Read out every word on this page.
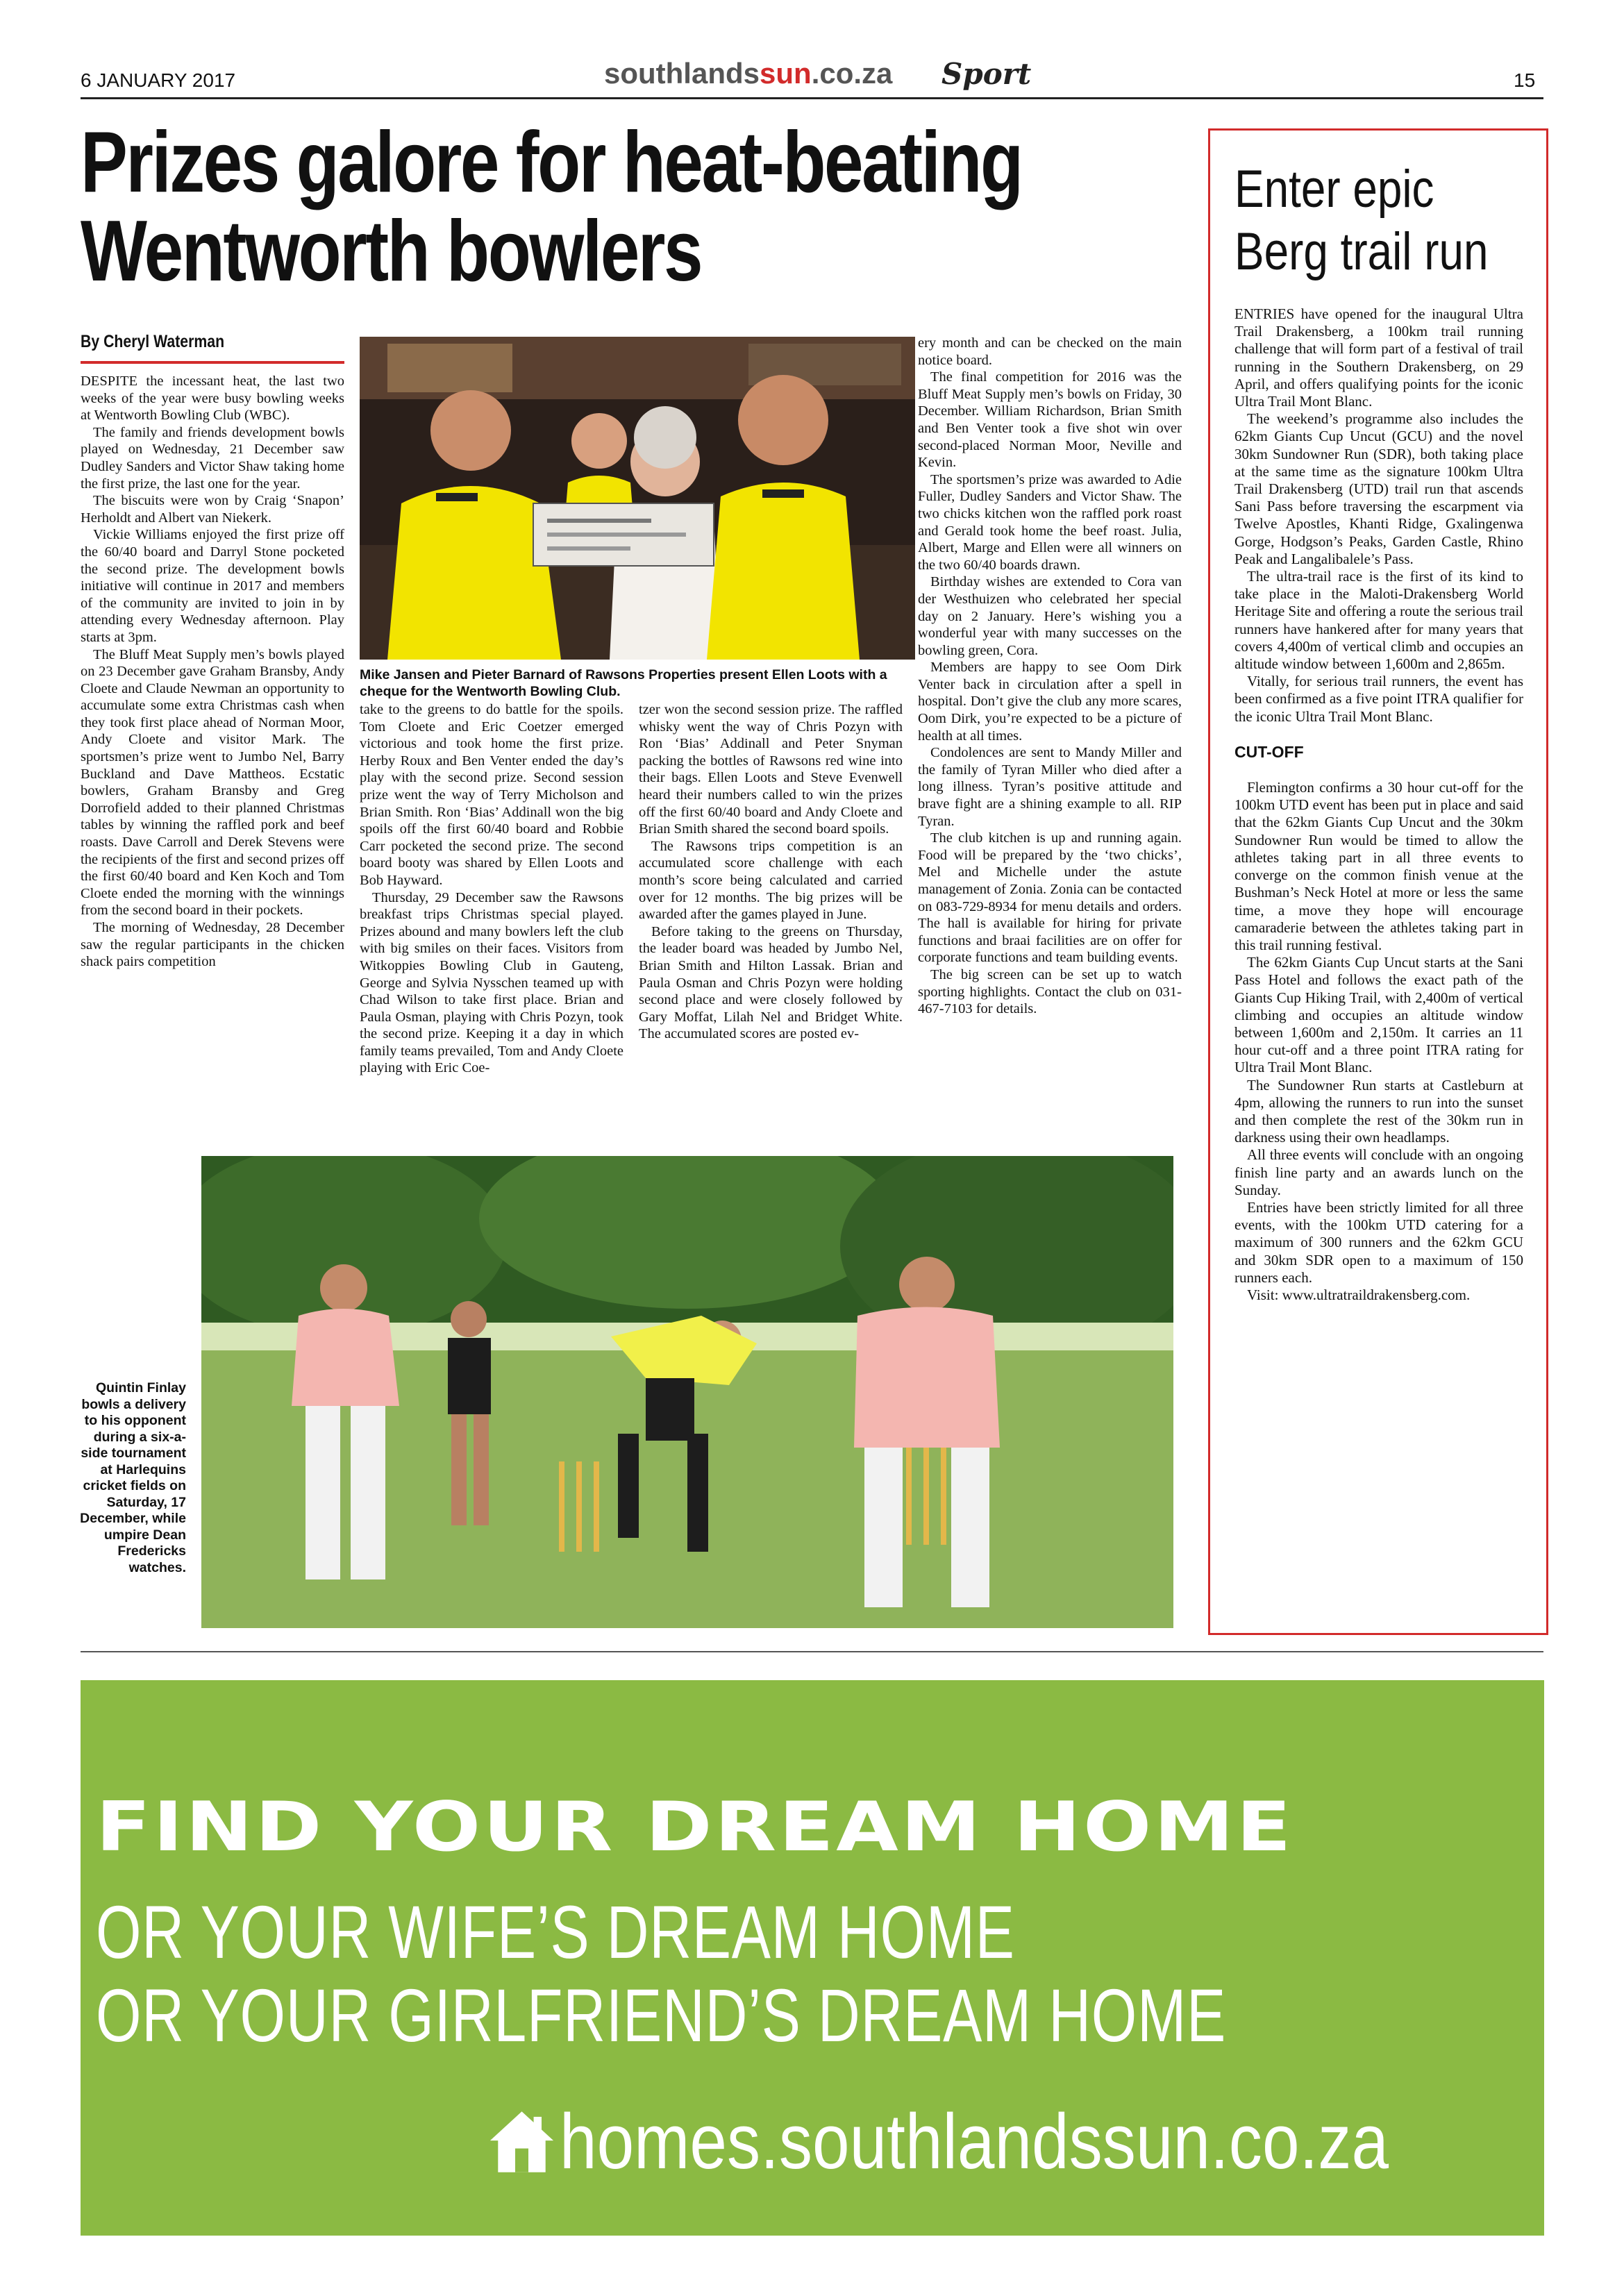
6 JANUARY 2017	southlandssun.co.za Sport	15
Prizes galore for heat-beating
Wentworth bowlers
By Cheryl Waterman

DESPITE the incessant heat, the last two weeks of the year were busy bowling weeks at Wentworth Bowling Club (WBC).

The family and friends development bowls played on Wednesday, 21 December saw Dudley Sanders and Victor Shaw taking home the first prize, the last one for the year.

The biscuits were won by Craig ‘Snapon’ Herholdt and Albert van Niekerk.

Vickie Williams enjoyed the first prize off the 60/40 board and Darryl Stone pocketed the second prize. The development bowls initiative will continue in 2017 and members of the community are invited to join in by attending every Wednesday afternoon. Play starts at 3pm.

The Bluff Meat Supply men’s bowls played on 23 December gave Graham Bransby, Andy Cloete and Claude Newman an opportunity to accumulate some extra Christmas cash when they took first place ahead of Norman Moor, Andy Cloete and visitor Mark. The sportsmen’s prize went to Jumbo Nel, Barry Buckland and Dave Mattheos. Ecstatic bowlers, Graham Bransby and Greg Dorrofield added to their planned Christmas tables by winning the raffled pork and beef roasts. Dave Carroll and Derek Stevens were the recipients of the first and second prizes off the first 60/40 board and Ken Koch and Tom Cloete ended the morning with the winnings from the second board in their pockets.

The morning of Wednesday, 28 December saw the regular participants in the chicken shack pairs competition

Mike Jansen and Pieter Barnard of Rawsons Properties present Ellen Loots with a cheque for the Wentworth Bowling Club.

take to the greens to do battle for the spoils. Tom Cloete and Eric Coetzer emerged victorious and took home the first prize. Herby Roux and Ben Venter ended the day’s play with the second prize. Second session prize went the way of Terry Micholson and Brian Smith. Ron ‘Bias’ Addinall won the big spoils off the first 60/40 board and Robbie Carr pocketed the second prize. The second board booty was shared by Ellen Loots and Bob Hayward.

Thursday, 29 December saw the Rawsons breakfast trips Christmas special played. Prizes abound and many bowlers left the club with big smiles on their faces. Visitors from Witkoppies Bowling Club in Gauteng, George and Sylvia Nysschen teamed up with Chad Wilson to take first place. Brian and Paula Osman, playing with Chris Pozyn, took the second prize. Keeping it a day in which family teams prevailed, Tom and Andy Cloete playing with Eric Coe-

tzer won the second session prize. The raffled whisky went the way of Chris Pozyn with Ron ‘Bias’ Addinall and Peter Snyman packing the bottles of Rawsons red wine into their bags. Ellen Loots and Steve Evenwell heard their numbers called to win the prizes off the first 60/40 board and Andy Cloete and Brian Smith shared the second board spoils.

The Rawsons trips competition is an accumulated score challenge with each month’s score being calculated and carried over for 12 months. The big prizes will be awarded after the games played in June.

Before taking to the greens on Thursday, the leader board was headed by Jumbo Nel, Brian Smith and Hilton Lassak. Brian and Paula Osman and Chris Pozyn were holding second place and were closely followed by Gary Moffat, Lilah Nel and Bridget White. The accumulated scores are posted ev-

ery month and can be checked on the main notice board.

The final competition for 2016 was the Bluff Meat Supply men’s bowls on Friday, 30 December. William Richardson, Brian Smith and Ben Venter took a five shot win over second-placed Norman Moor, Neville and Kevin.

The sportsmen’s prize was awarded to Adie Fuller, Dudley Sanders and Victor Shaw. The two chicks kitchen won the raffled pork roast and Gerald took home the beef roast. Julia, Albert, Marge and Ellen were all winners on the two 60/40 boards drawn.

Birthday wishes are extended to Cora van der Westhuizen who celebrated her special day on 2 January. Here’s wishing you a wonderful year with many successes on the bowling green, Cora.

Members are happy to see Oom Dirk Venter back in circulation after a spell in hospital. Don’t give the club any more scares, Oom Dirk, you’re expected to be a picture of health at all times.

Condolences are sent to Mandy Miller and the family of Tyran Miller who died after a long illness. Tyran’s positive attitude and brave fight are a shining example to all. RIP Tyran.

The club kitchen is up and running again. Food will be prepared by the ‘two chicks’, Mel and Michelle under the astute management of Zonia. Zonia can be contacted on 083-729-8934 for menu details and orders. The hall is available for hiring for private functions and braai facilities are on offer for corporate functions and team building events.

The big screen can be set up to watch sporting highlights. Contact the club on 031-467-7103 for details.

Quintin Finlay bowls a delivery to his opponent during a six-a-side tournament at Harlequins cricket fields on Saturday, 17 December, while umpire Dean Fredericks watches.
Enter epic
Berg trail run

ENTRIES have opened for the inaugural Ultra Trail Drakensberg, a 100km trail running challenge that will form part of a festival of trail running in the Southern Drakensberg, on 29 April, and offers qualifying points for the iconic Ultra Trail Mont Blanc.

The weekend’s programme also includes the 62km Giants Cup Uncut (GCU) and the novel 30km Sundowner Run (SDR), both taking place at the same time as the signature 100km Ultra Trail Drakensberg (UTD) trail run that ascends Sani Pass before traversing the escarpment via Twelve Apostles, Khanti Ridge, Gxalingenwa Gorge, Hodgson’s Peaks, Garden Castle, Rhino Peak and Langalibalele’s Pass.

The ultra-trail race is the first of its kind to take place in the Maloti-Drakensberg World Heritage Site and offering a route the serious trail runners have hankered after for many years that covers 4,400m of vertical climb and occupies an altitude window between 1,600m and 2,865m.

Vitally, for serious trail runners, the event has been confirmed as a five point ITRA qualifier for the iconic Ultra Trail Mont Blanc.

CUT-OFF

Flemington confirms a 30 hour cut-off for the 100km UTD event has been put in place and said that the 62km Giants Cup Uncut and the 30km Sundowner Run would be timed to allow the athletes taking part in all three events to converge on the common finish venue at the Bushman’s Neck Hotel at more or less the same time, a move they hope will encourage camaraderie between the athletes taking part in this trail running festival.

The 62km Giants Cup Uncut starts at the Sani Pass Hotel and follows the exact path of the Giants Cup Hiking Trail, with 2,400m of vertical climbing and occupies an altitude window between 1,600m and 2,150m. It carries an 11 hour cut-off and a three point ITRA rating for Ultra Trail Mont Blanc.

The Sundowner Run starts at Castleburn at 4pm, allowing the runners to run into the sunset and then complete the rest of the 30km run in darkness using their own headlamps.

All three events will conclude with an ongoing finish line party and an awards lunch on the Sunday.

Entries have been strictly limited for all three events, with the 100km UTD catering for a maximum of 300 runners and the 62km GCU and 30km SDR open to a maximum of 150 runners each.

Visit: www.ultratraildrakensberg.com.

FIND YOUR DREAM HOME
OR YOUR WIFE’S DREAM HOME
OR YOUR GIRLFRIEND’S DREAM HOME
homes.southlandssun.co.za
